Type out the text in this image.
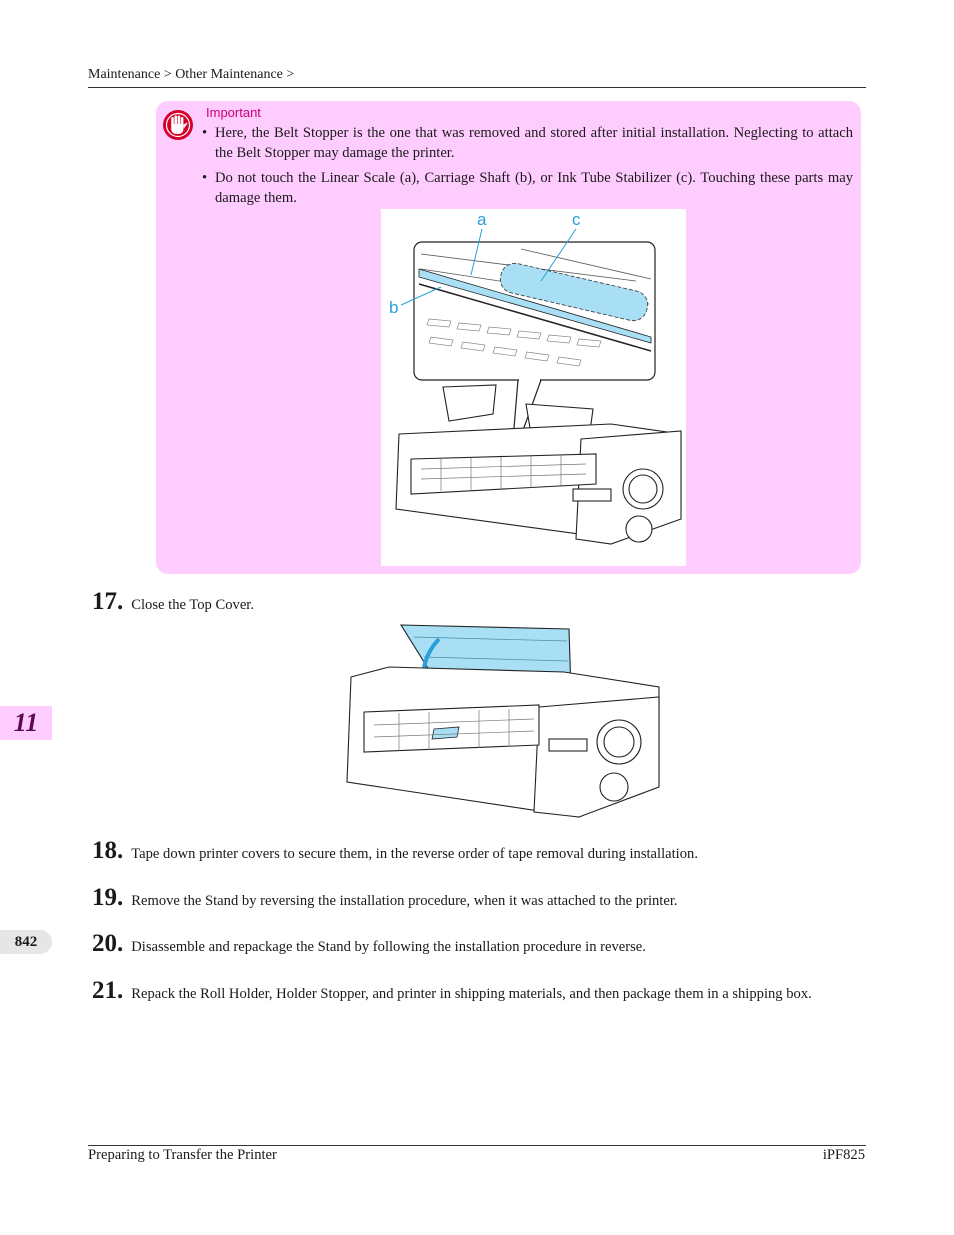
Maintenance > Other Maintenance >
Important
• Here, the Belt Stopper is the one that was removed and stored after initial installation. Neglecting to attach the Belt Stopper may damage the printer.
• Do not touch the Linear Scale (a), Carriage Shaft (b), or Ink Tube Stabilizer (c). Touching these parts may damage them.
a	c
b
17. Close the Top Cover.
18. Tape down printer covers to secure them, in the reverse order of tape removal during installation.
19. Remove the Stand by reversing the installation procedure, when it was attached to the printer.
20. Disassemble and repackage the Stand by following the installation procedure in reverse.
21. Repack the Roll Holder, Holder Stopper, and printer in shipping materials, and then package them in a shipping box.
11
842
Preparing to Transfer the Printer	iPF825
